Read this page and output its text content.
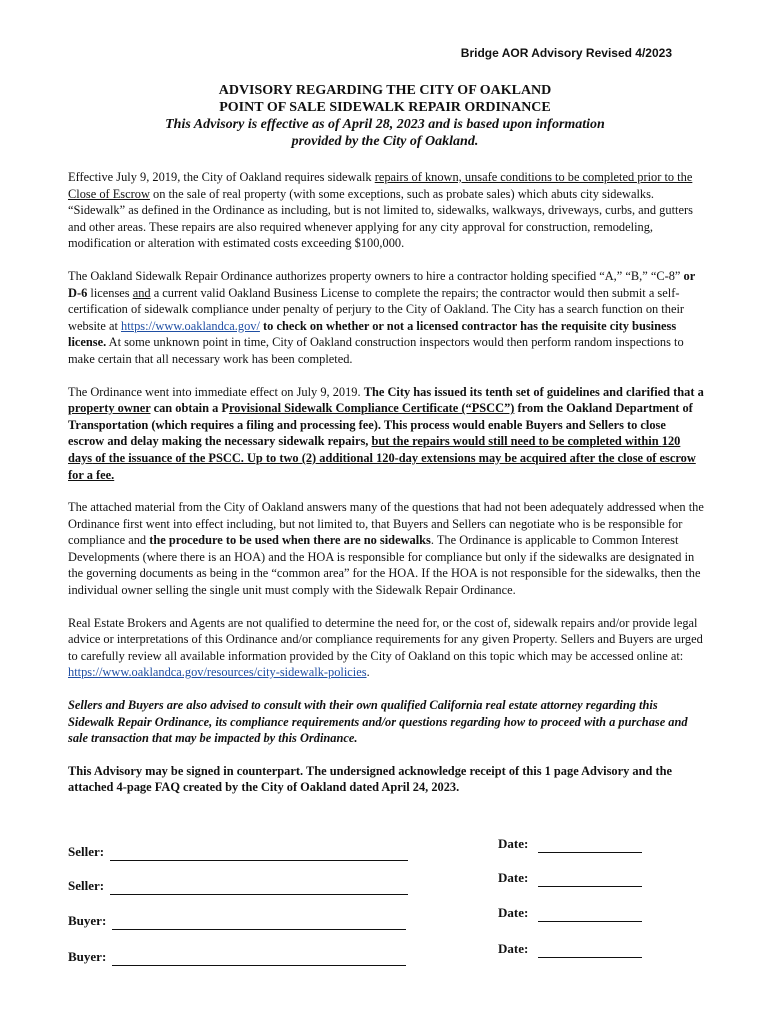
Bridge AOR Advisory Revised 4/2023
ADVISORY REGARDING THE CITY OF OAKLAND
POINT OF SALE SIDEWALK REPAIR ORDINANCE
This Advisory is effective as of April 28, 2023 and is based upon information
provided by the City of Oakland.

Effective July 9, 2019, the City of Oakland requires sidewalk repairs of known, unsafe conditions to be completed prior to the Close of Escrow on the sale of real property (with some exceptions, such as probate sales) which abuts city sidewalks. “Sidewalk” as defined in the Ordinance as including, but is not limited to, sidewalks, walkways, driveways, curbs, and gutters and other areas. These repairs are also required whenever applying for any city approval for construction, remodeling, modification or alteration with estimated costs exceeding $100,000.

The Oakland Sidewalk Repair Ordinance authorizes property owners to hire a contractor holding specified “A,” “B,” “C-8” or D-6 licenses and a current valid Oakland Business License to complete the repairs; the contractor would then submit a self-certification of sidewalk compliance under penalty of perjury to the City of Oakland. The City has a search function on their website at https://www.oaklandca.gov/ to check on whether or not a licensed contractor has the requisite city business license. At some unknown point in time, City of Oakland construction inspectors would then perform random inspections to make certain that all necessary work has been completed.

The Ordinance went into immediate effect on July 9, 2019. The City has issued its tenth set of guidelines and clarified that a property owner can obtain a Provisional Sidewalk Compliance Certificate (“PSCC”) from the Oakland Department of Transportation (which requires a filing and processing fee). This process would enable Buyers and Sellers to close escrow and delay making the necessary sidewalk repairs, but the repairs would still need to be completed within 120 days of the issuance of the PSCC. Up to two (2) additional 120-day extensions may be acquired after the close of escrow for a fee.

The attached material from the City of Oakland answers many of the questions that had not been adequately addressed when the Ordinance first went into effect including, but not limited to, that Buyers and Sellers can negotiate who is be responsible for compliance and the procedure to be used when there are no sidewalks. The Ordinance is applicable to Common Interest Developments (where there is an HOA) and the HOA is responsible for compliance but only if the sidewalks are designated in the governing documents as being in the “common area” for the HOA. If the HOA is not responsible for the sidewalks, then the individual owner selling the single unit must comply with the Sidewalk Repair Ordinance.

Real Estate Brokers and Agents are not qualified to determine the need for, or the cost of, sidewalk repairs and/or provide legal advice or interpretations of this Ordinance and/or compliance requirements for any given Property. Sellers and Buyers are urged to carefully review all available information provided by the City of Oakland on this topic which may be accessed online at: https://www.oaklandca.gov/resources/city-sidewalk-policies.

Sellers and Buyers are also advised to consult with their own qualified California real estate attorney regarding this Sidewalk Repair Ordinance, its compliance requirements and/or questions regarding how to proceed with a purchase and sale transaction that may be impacted by this Ordinance.

This Advisory may be signed in counterpart. The undersigned acknowledge receipt of this 1 page Advisory and the attached 4-page FAQ created by the City of Oakland dated April 24, 2023.

Seller:
Date:
Seller:
Date:
Buyer:
Date:
Buyer:
Date:
